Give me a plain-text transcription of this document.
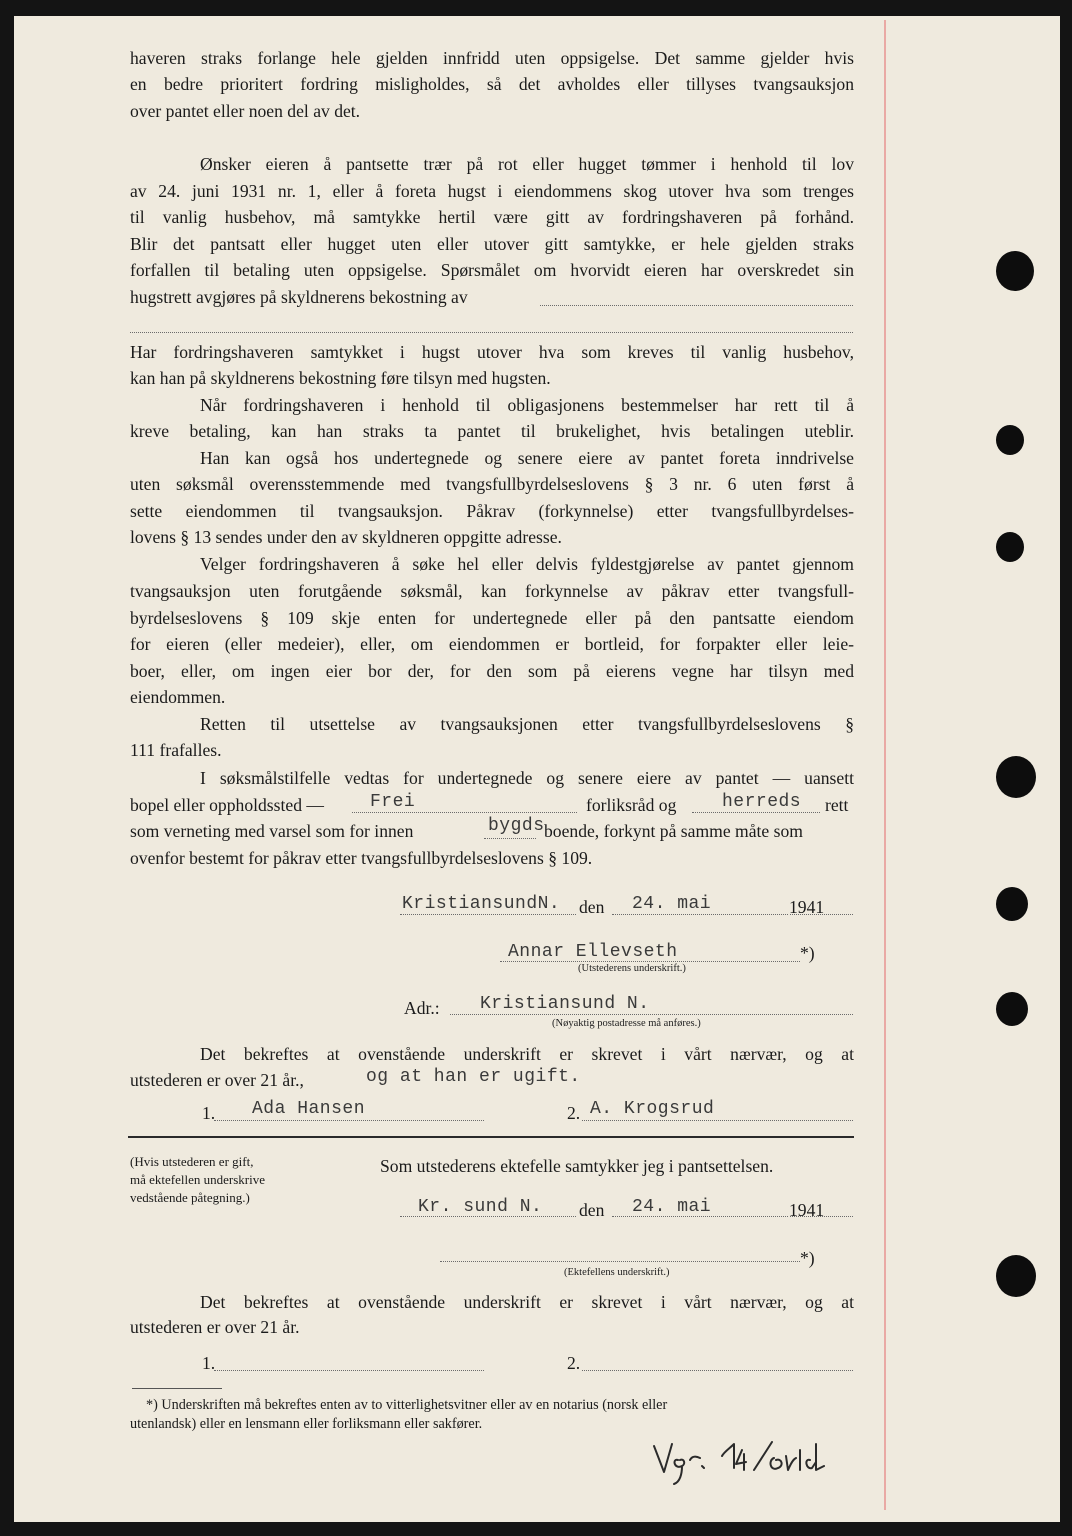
haveren straks forlange hele gjelden innfridd uten oppsigelse. Det samme gjelder hvis
en bedre prioritert fordring misligholdes, så det avholdes eller tillyses tvangsauksjon
over pantet eller noen del av det.
Ønsker eieren å pantsette trær på rot eller hugget tømmer i henhold til lov
av 24. juni 1931 nr. 1, eller å foreta hugst i eiendommens skog utover hva som trenges
til vanlig husbehov, må samtykke hertil være gitt av fordringshaveren på forhånd.
Blir det pantsatt eller hugget uten eller utover gitt samtykke, er hele gjelden straks
forfallen til betaling uten oppsigelse. Spørsmålet om hvorvidt eieren har overskredet sin
hugstrett avgjøres på skyldnerens bekostning av
Har fordringshaveren samtykket i hugst utover hva som kreves til vanlig husbehov,
kan han på skyldnerens bekostning føre tilsyn med hugsten.
Når fordringshaveren i henhold til obligasjonens bestemmelser har rett til å
kreve betaling, kan han straks ta pantet til brukelighet, hvis betalingen uteblir.
Han kan også hos undertegnede og senere eiere av pantet foreta inndrivelse
uten søksmål overensstemmende med tvangsfullbyrdelseslovens § 3 nr. 6 uten først å
sette eiendommen til tvangsauksjon. Påkrav (forkynnelse) etter tvangsfullbyrdelses-
lovens § 13 sendes under den av skyldneren oppgitte adresse.
Velger fordringshaveren å søke hel eller delvis fyldestgjørelse av pantet gjennom
tvangsauksjon uten forutgående søksmål, kan forkynnelse av påkrav etter tvangsfull-
byrdelseslovens § 109 skje enten for undertegnede eller på den pantsatte eiendom
for eieren (eller medeier), eller, om eiendommen er bortleid, for forpakter eller leie-
boer, eller, om ingen eier bor der, for den som på eierens vegne har tilsyn med
eiendommen.
Retten til utsettelse av tvangsauksjonen etter tvangsfullbyrdelseslovens §
111 frafalles.
I søksmålstilfelle vedtas for undertegnede og senere eiere av pantet — uansett
bopel eller oppholdssted —	Frei	forliksråd og	herreds rett
som verneting med varsel som for innen	bygds boende, forkynt på samme måte som
ovenfor bestemt for påkrav etter tvangsfullbyrdelseslovens § 109.
KristiansundN. den 24. mai	1941
Annar Ellevseth	*)
(Utstederens underskrift.)
Adr.: Kristiansund N.
(Nøyaktig postadresse må anføres.)
Det bekreftes at ovenstående underskrift er skrevet i vårt nærvær, og at
utstederen er over 21 år.,	og at han er ugift.
1. Ada Hansen	2. A. Krogsrud
(Hvis utstederen er gift,
må ektefellen underskrive
vedstående påtegning.)
Som utstederens ektefelle samtykker jeg i pantsettelsen.
Kr. sund N. den 24. mai	1941
*)
(Ektefellens underskrift.)
Det bekreftes at ovenstående underskrift er skrevet i vårt nærvær, og at
utstederen er over 21 år.
1.	2.
*) Underskriften må bekreftes enten av to vitterlighetsvitner eller av en notarius (norsk eller
utenlandsk) eller en lensmann eller forliksmann eller sakfører.
